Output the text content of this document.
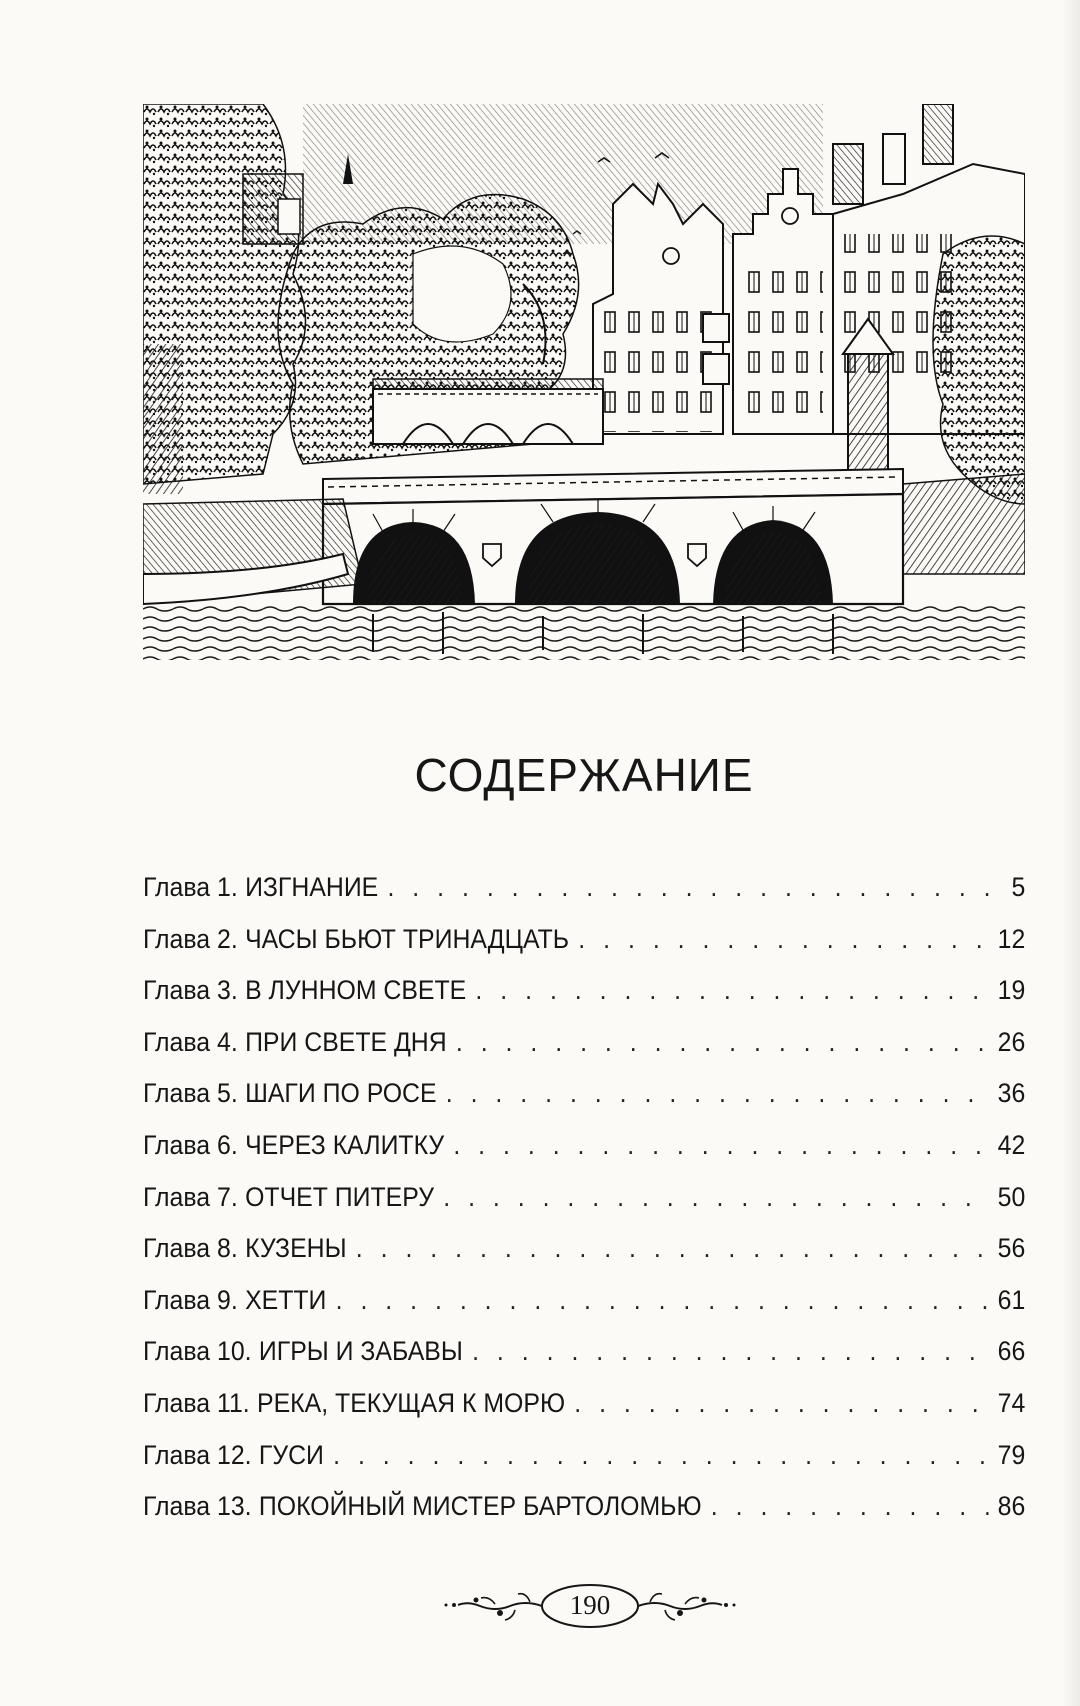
СОДЕРЖАНИЕ
Глава 1. ИЗГНАНИЕ . . .	5
Глава 2. ЧАСЫ БЬЮТ ТРИНАДЦАТЬ . . .	12
Глава 3. В ЛУННОМ СВЕТЕ . . .	19
Глава 4. ПРИ СВЕТЕ ДНЯ . . .	26
Глава 5. ШАГИ ПО РОСЕ . . .	36
Глава 6. ЧЕРЕЗ КАЛИТКУ . . .	42
Глава 7. ОТЧЕТ ПИТЕРУ . . .	50
Глава 8. КУЗЕНЫ . . .	56
Глава 9. ХЕТТИ . . .	61
Глава 10. ИГРЫ И ЗАБАВЫ . . .	66
Глава 11. РЕКА, ТЕКУЩАЯ К МОРЮ . . .	74
Глава 12. ГУСИ . . .	79
Глава 13. ПОКОЙНЫЙ МИСТЕР БАРТОЛОМЬЮ . . .	86
190
